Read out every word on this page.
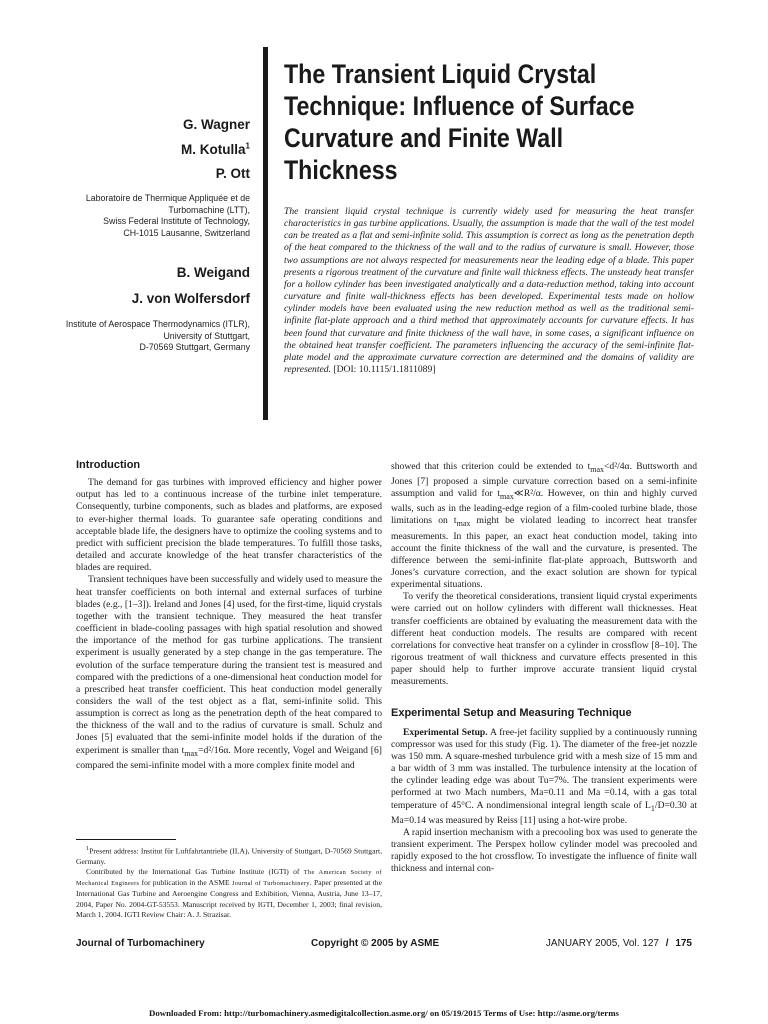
The Transient Liquid Crystal
Technique: Influence of Surface
Curvature and Finite Wall
Thickness
G. Wagner
M. Kotulla$^1$
P. Ott
Laboratoire de Thermique Appliquée et de
Turbomachine (LTT),
Swiss Federal Institute of Technology,
CH-1015 Lausanne, Switzerland
B. Weigand
J. von Wolfersdorf
Institute of Aerospace Thermodynamics (ITLR),
University of Stuttgart,
D-70569 Stuttgart, Germany
The transient liquid crystal technique is currently widely used for measuring the heat transfer characteristics in gas turbine applications. Usually, the assumption is made that the wall of the test model can be treated as a flat and semi-infinite solid. This assumption is correct as long as the penetration depth of the heat compared to the thickness of the wall and to the radius of curvature is small. However, those two assumptions are not always respected for measurements near the leading edge of a blade. This paper presents a rigorous treatment of the curvature and finite wall thickness effects. The unsteady heat transfer for a hollow cylinder has been investigated analytically and a data-reduction method, taking into account curvature and finite wall-thickness effects has been developed. Experimental tests made on hollow cylinder models have been evaluated using the new reduction method as well as the traditional semi-infinite flat-plate approach and a third method that approximately accounts for curvature effects. It has been found that curvature and finite thickness of the wall have, in some cases, a significant influence on the obtained heat transfer coefficient. The parameters influencing the accuracy of the semi-infinite flat-plate model and the approximate curvature correction are determined and the domains of validity are represented. [DOI: 10.1115/1.1811089]
Introduction

The demand for gas turbines with improved efficiency and higher power output has led to a continuous increase of the turbine inlet temperature. Consequently, turbine components, such as blades and platforms, are exposed to ever-higher thermal loads. To guarantee safe operating conditions and acceptable blade life, the designers have to optimize the cooling systems and to predict with sufficient precision the blade temperatures. To fulfill those tasks, detailed and accurate knowledge of the heat transfer characteristics of the blades are required.

Transient techniques have been successfully and widely used to measure the heat transfer coefficients on both internal and external surfaces of turbine blades (e.g., [1–3]). Ireland and Jones [4] used, for the first-time, liquid crystals together with the transient technique. They measured the heat transfer coefficient in blade-cooling passages with high spatial resolution and showed the importance of the method for gas turbine applications. The transient experiment is usually generated by a step change in the gas temperature. The evolution of the surface temperature during the transient test is measured and compared with the predictions of a one-dimensional heat conduction model for a prescribed heat transfer coefficient. This heat conduction model generally considers the wall of the test object as a flat, semi-infinite solid. This assumption is correct as long as the penetration depth of the heat compared to the thickness of the wall and to the radius of curvature is small. Schulz and Jones [5] evaluated that the semi-infinite model holds if the duration of the experiment is smaller than $t_{max}=d^2/16\alpha$. More recently, Vogel and Weigand [6] compared the semi-infinite model with a more complex finite model and

$^1$Present address: Institut für Luftfahrtantriebe (ILA), University of Stuttgart, D-70569 Stuttgart, Germany.

Contributed by the International Gas Turbine Institute (IGTI) of The American Society of Mechanical Engineers for publication in the ASME Journal of Turbomachinery. Paper presented at the International Gas Turbine and Aeroengine Congress and Exhibition, Vienna, Austria, June 13–17, 2004, Paper No. 2004-GT-53553. Manuscript received by IGTI, December 1, 2003; final revision, March 1, 2004. IGTI Review Chair: A. J. Strazisar.

showed that this criterion could be extended to $t_{max}<d^2/4\alpha$. Buttsworth and Jones [7] proposed a simple curvature correction based on a semi-infinite assumption and valid for $t_{max}≪R^2/\alpha$. However, on thin and highly curved walls, such as in the leading-edge region of a film-cooled turbine blade, those limitations on $t_{max}$ might be violated leading to incorrect heat transfer measurements. In this paper, an exact heat conduction model, taking into account the finite thickness of the wall and the curvature, is presented. The difference between the semi-infinite flat-plate approach, Buttsworth and Jones’s curvature correction, and the exact solution are shown for typical experimental situations.

To verify the theoretical considerations, transient liquid crystal experiments were carried out on hollow cylinders with different wall thicknesses. Heat transfer coefficients are obtained by evaluating the measurement data with the different heat conduction models. The results are compared with recent correlations for convective heat transfer on a cylinder in crossflow [8–10]. The rigorous treatment of wall thickness and curvature effects presented in this paper should help to further improve accurate transient liquid crystal measurements.

Experimental Setup and Measuring Technique

Experimental Setup. A free-jet facility supplied by a continuously running compressor was used for this study (Fig. 1). The diameter of the free-jet nozzle was 150 mm. A square-meshed turbulence grid with a mesh size of 15 mm and a bar width of 3 mm was installed. The turbulence intensity at the location of the cylinder leading edge was about Tu=7%. The transient experiments were performed at two Mach numbers, Ma=0.11 and Ma =0.14, with a gas total temperature of 45°C. A nondimensional integral length scale of $L_1/D=0.30$ at Ma=0.14 was measured by Reiss [11] using a hot-wire probe.

A rapid insertion mechanism with a precooling box was used to generate the transient experiment. The Perspex hollow cylinder model was precooled and rapidly exposed to the hot crossflow. To investigate the influence of finite wall thickness and internal con-

Journal of Turbomachinery	Copyright © 2005 by ASME	JANUARY 2005, Vol. 127 / 175
Downloaded From: http://turbomachinery.asmedigitalcollection.asme.org/ on 05/19/2015 Terms of Use: http://asme.org/terms
